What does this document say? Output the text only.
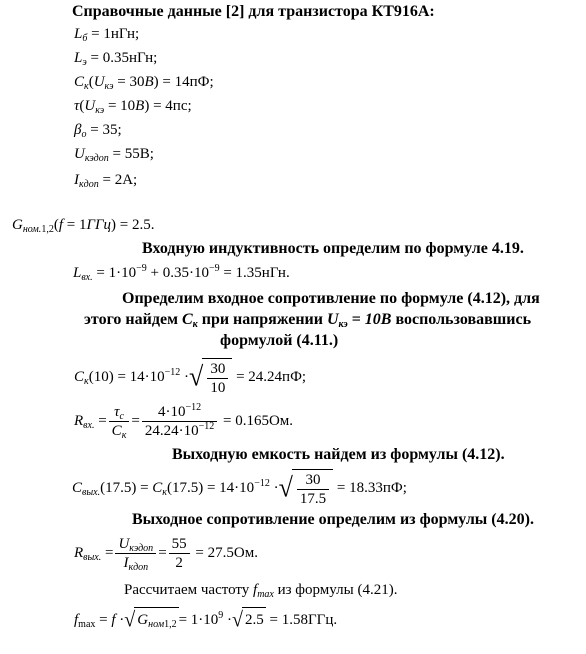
Справочные данные [2] для транзистора КТ916А:
$L_б = 1нГн$;
$L_э = 0.35нГн$;
$C_к(U_{кэ} = 30В) = 14пФ$;
$\tau(U_{кэ} = 10В) = 4пс$;
$\beta_о = 35$;
$U_{кэдоп} = 55В$;
$I_{кдоп} = 2А$;
$G_{ном.1,2}(f = 1ГГц) = 2.5$.
Входную индуктивность определим по формуле 4.19.
$L_{вх.} = 1\cdot 10^{-9} + 0.35\cdot 10^{-9} = 1.35нГн$.
Определим входное сопротивление по формуле (4.12), для
этого найдем $C_к$ при напряжении $U_{кэ} = 10В$ воспользовавшись
формулой (4.11.)
$C_к(10) = 14\cdot 10^{-12}$ · √ $\frac{30}{10} = 24.24пФ$;
$R_{вх.} = \frac{\tau_с}{C_к} = \frac{4\cdot 10^{-12}}{24.24\cdot 10^{-12}} = 0.165Ом$.
Выходную емкость найдем из формулы (4.12).
$C_{вых.}(17.5) = C_к(17.5) = 14\cdot 10^{-12}$ · √ $\frac{30}{17.5} = 18.33пФ$;
Выходное сопротивление определим из формулы (4.20).
$R_{вых.} = \frac{U_{кэдоп}}{I_{кдоп}} = \frac{55}{2} = 27.5Ом$.
Рассчитаем частоту $f_{max}$ из формулы (4.21).
$f_{max} = f$ · √ $G_{ном1,2} = 1\cdot 10^9$ · √ 2.5 = 1.58ГГц.
